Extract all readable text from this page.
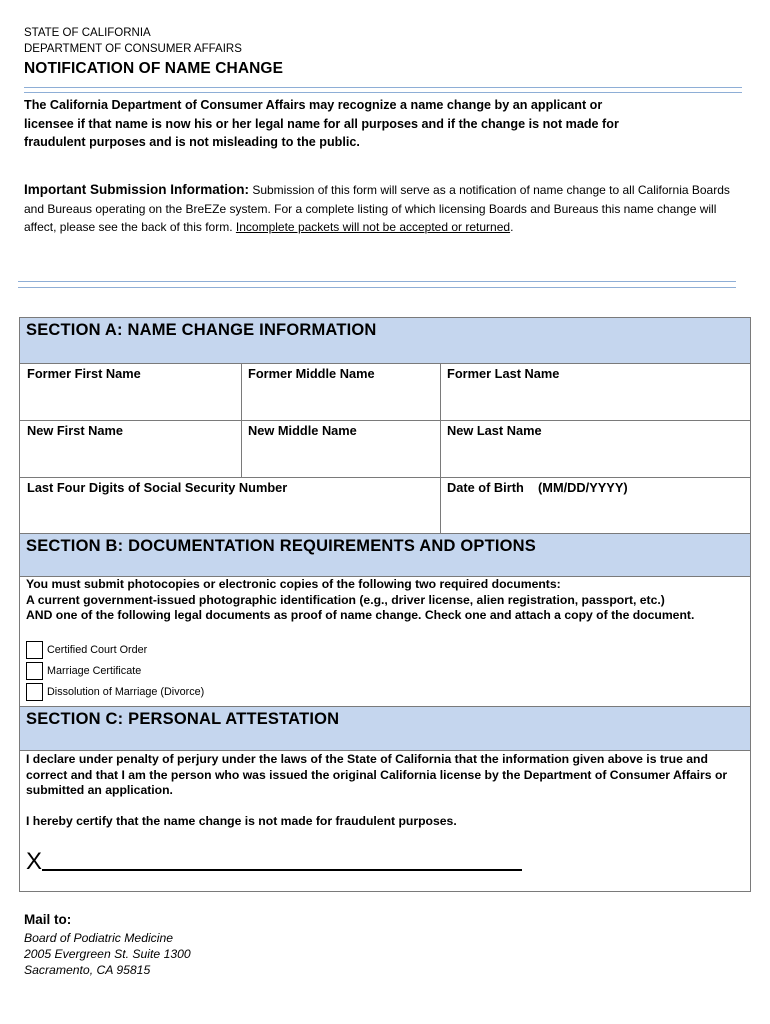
STATE OF CALIFORNIA
DEPARTMENT OF CONSUMER AFFAIRS
NOTIFICATION OF NAME CHANGE
The California Department of Consumer Affairs may recognize a name change by an applicant or licensee if that name is now his or her legal name for all purposes and if the change is not made for fraudulent purposes and is not misleading to the public.
Important Submission Information: Submission of this form will serve as a notification of name change to all California Boards and Bureaus operating on the BreEZe system. For a complete listing of which licensing Boards and Bureaus this name change will affect, please see the back of this form. Incomplete packets will not be accepted or returned.
SECTION A: NAME CHANGE INFORMATION
Former First Name	Former Middle Name	Former Last Name
New First Name	New Middle Name	New Last Name
Last Four Digits of Social Security Number	Date of Birth (MM/DD/YYYY)
SECTION B: DOCUMENTATION REQUIREMENTS AND OPTIONS
You must submit photocopies or electronic copies of the following two required documents:
A current government-issued photographic identification (e.g., driver license, alien registration, passport, etc.)
AND one of the following legal documents as proof of name change. Check one and attach a copy of the document.
Certified Court Order
Marriage Certificate
Dissolution of Marriage (Divorce)
SECTION C: PERSONAL ATTESTATION
I declare under penalty of perjury under the laws of the State of California that the information given above is true and correct and that I am the person who was issued the original California license by the Department of Consumer Affairs or submitted an application.
I hereby certify that the name change is not made for fraudulent purposes.
X
Mail to:
Board of Podiatric Medicine
2005 Evergreen St. Suite 1300
Sacramento, CA 95815
